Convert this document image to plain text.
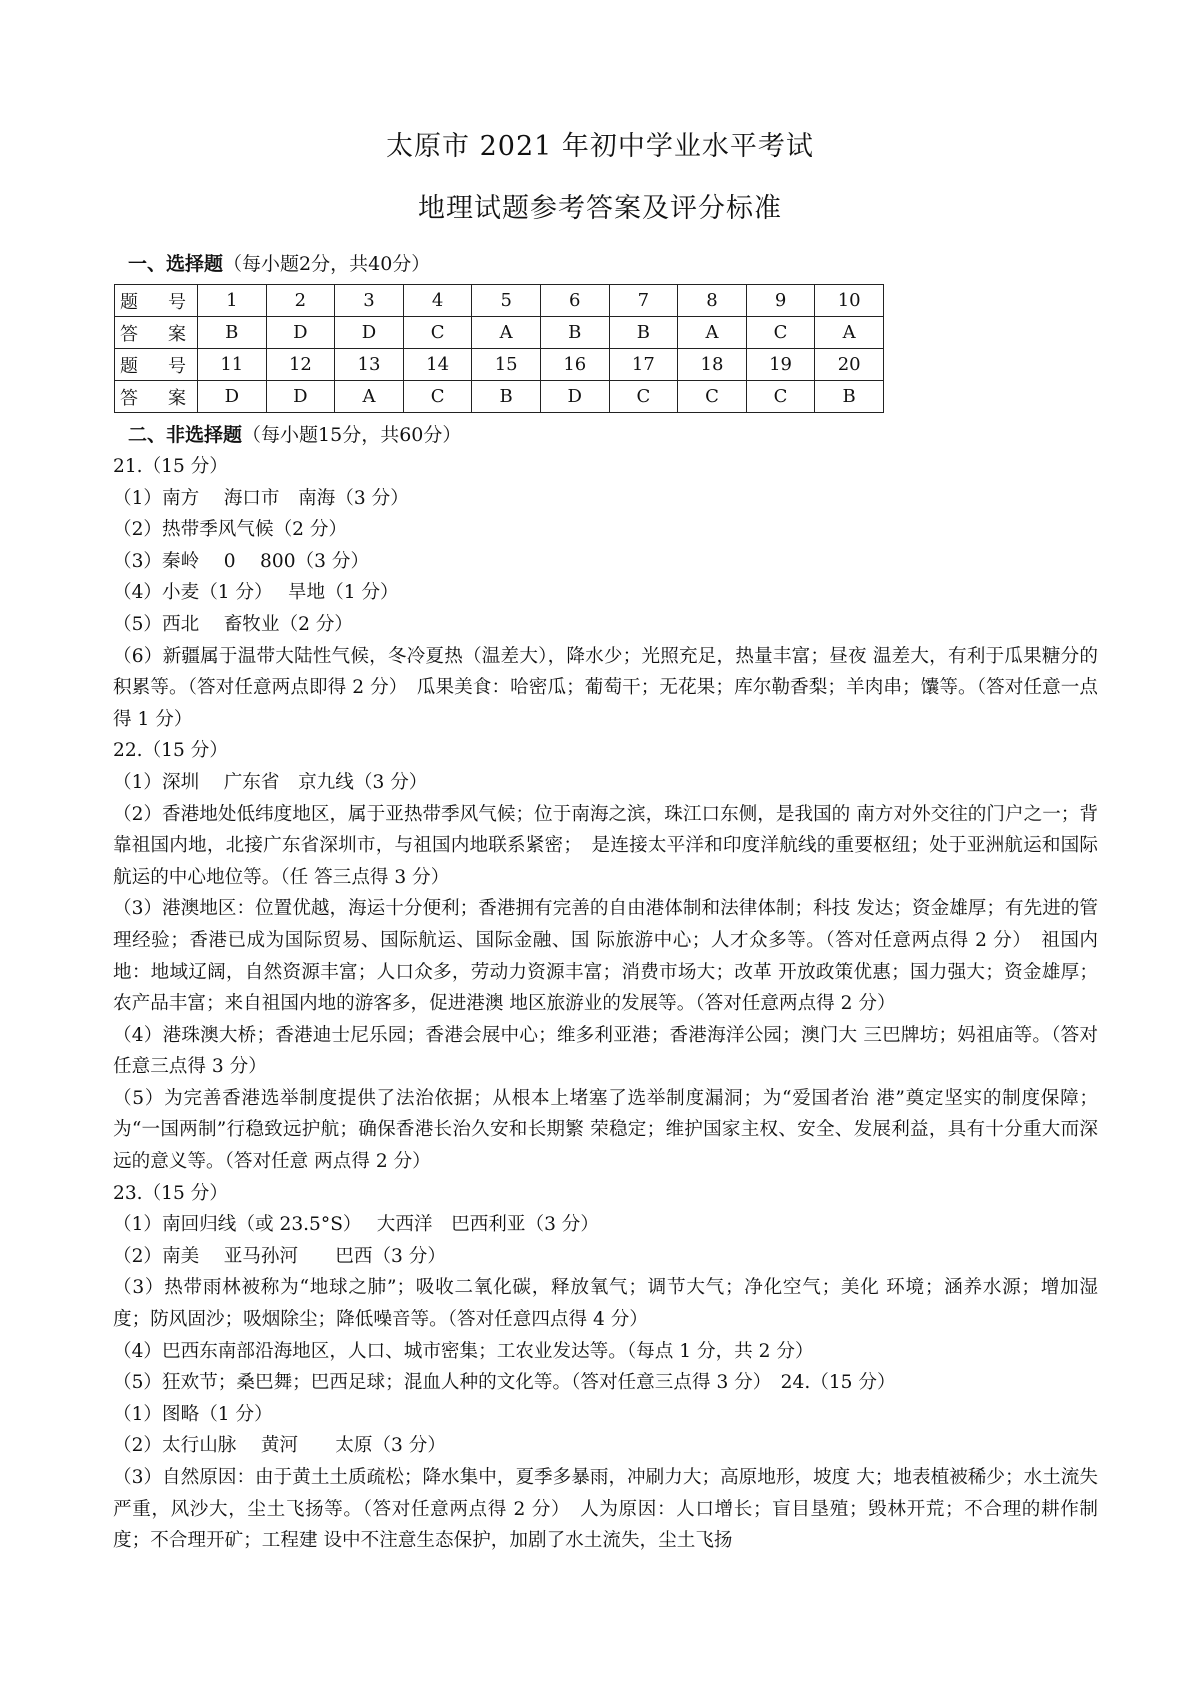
太原市 2021 年初中学业水平考试
地理试题参考答案及评分标准
一、选择题（每小题2分，共40分）
题　号	1	2	3	4	5	6	7	8	9	10
答　案	B	D	D	C	A	B	B	A	C	A
题　号	11	12	13	14	15	16	17	18	19	20
答　案	D	D	A	C	B	D	C	C	C	B
二、非选择题（每小题15分，共60分）

21.（15 分）

（1）南方　 海口市　南海（3 分）

（2）热带季风气候（2 分）

（3）秦岭　 0　 800（3 分）

（4）小麦（1 分）　 旱地（1 分）

（5）西北　 畜牧业（2 分）

（6）新疆属于温带大陆性气候，冬冷夏热（温差大），降水少；光照充足，热量丰富；昼夜 温差大，有利于瓜果糖分的积累等。（答对任意两点即得 2 分）　瓜果美食：哈密瓜；葡萄干；无花果；库尔勒香梨；羊肉串；馕等。（答对任意一点得 1 分）

22.（15 分）

（1）深圳　 广东省　京九线（3 分）

（2）香港地处低纬度地区，属于亚热带季风气候；位于南海之滨，珠江口东侧，是我国的 南方对外交往的门户之一；背靠祖国内地，北接广东省深圳市，与祖国内地联系紧密；　是连接太平洋和印度洋航线的重要枢纽；处于亚洲航运和国际航运的中心地位等。（任 答三点得 3 分）

（3）港澳地区：位置优越，海运十分便利；香港拥有完善的自由港体制和法律体制；科技 发达；资金雄厚；有先进的管理经验；香港已成为国际贸易、国际航运、国际金融、国 际旅游中心；人才众多等。（答对任意两点得 2 分）　祖国内地：地域辽阔，自然资源丰富；人口众多，劳动力资源丰富；消费市场大；改革 开放政策优惠；国力强大；资金雄厚；农产品丰富；来自祖国内地的游客多，促进港澳 地区旅游业的发展等。（答对任意两点得 2 分）

（4）港珠澳大桥；香港迪士尼乐园；香港会展中心；维多利亚港；香港海洋公园；澳门大 三巴牌坊；妈祖庙等。（答对任意三点得 3 分）

（5）为完善香港选举制度提供了法治依据；从根本上堵塞了选举制度漏洞；为“爱国者治 港”奠定坚实的制度保障；为“一国两制”行稳致远护航；确保香港长治久安和长期繁 荣稳定；维护国家主权、安全、发展利益，具有十分重大而深远的意义等。（答对任意 两点得 2 分）

23.（15 分）

（1）南回归线（或 23.5°S）　 大西洋　巴西利亚（3 分）

（2）南美　 亚马孙河　　巴西（3 分）

（3）热带雨林被称为“地球之肺”；吸收二氧化碳，释放氧气；调节大气；净化空气；美化 环境；涵养水源；增加湿度；防风固沙；吸烟除尘；降低噪音等。（答对任意四点得 4 分）

（4）巴西东南部沿海地区，人口、城市密集；工农业发达等。（每点 1 分，共 2 分）

（5）狂欢节；桑巴舞；巴西足球；混血人种的文化等。（答对任意三点得 3 分）　24.（15 分）

（1）图略（1 分）

（2）太行山脉　 黄河　　太原（3 分）

（3）自然原因：由于黄土土质疏松；降水集中，夏季多暴雨，冲刷力大；高原地形，坡度 大；地表植被稀少；水土流失严重，风沙大，尘土飞扬等。（答对任意两点得 2 分）　人为原因：人口增长；盲目垦殖；毁林开荒；不合理的耕作制度；不合理开矿；工程建 设中不注意生态保护，加剧了水土流失，尘土飞扬
